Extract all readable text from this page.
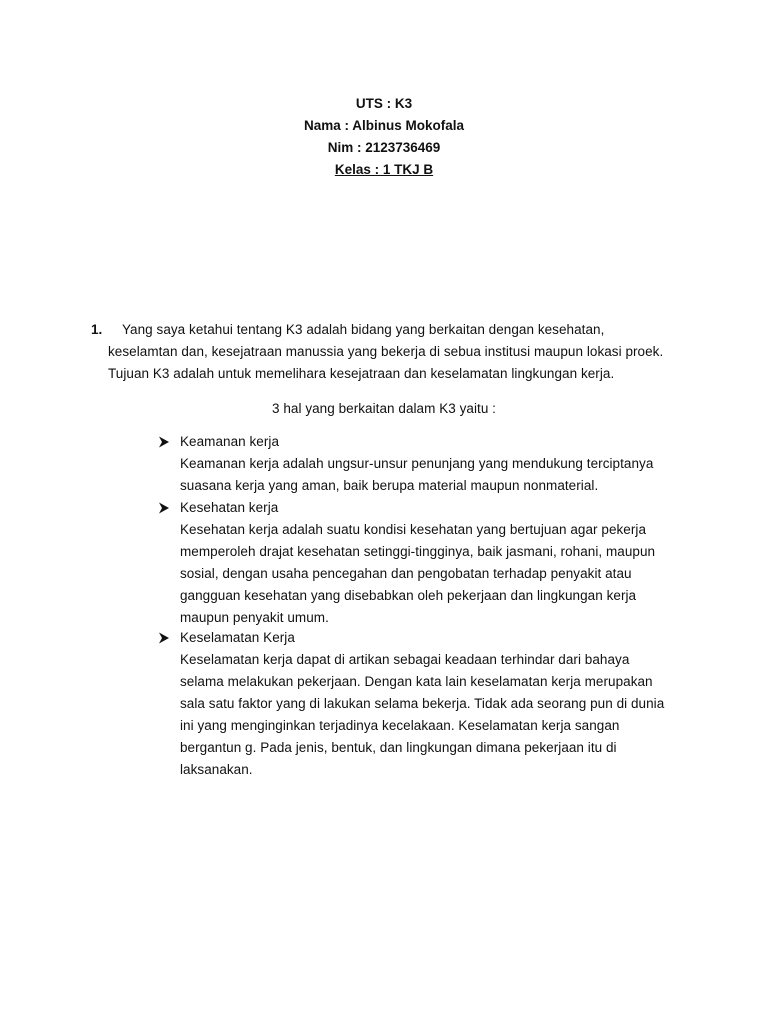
UTS : K3
Nama : Albinus Mokofala
Nim : 2123736469
Kelas : 1 TKJ B
1.	Yang saya ketahui tentang K3 adalah bidang yang berkaitan dengan kesehatan,
keselamtan dan, kesejatraan manussia yang bekerja di sebua institusi maupun lokasi proek.
Tujuan K3 adalah untuk memelihara kesejatraan dan keselamatan lingkungan kerja.
3 hal yang berkaitan dalam K3 yaitu :
Keamanan kerja
Keamanan kerja adalah ungsur-unsur penunjang yang mendukung terciptanya
suasana kerja yang aman, baik berupa material maupun nonmaterial.
Kesehatan kerja
Kesehatan kerja adalah suatu kondisi kesehatan yang bertujuan agar pekerja
memperoleh drajat kesehatan setinggi-tingginya, baik jasmani, rohani, maupun
sosial, dengan usaha pencegahan dan pengobatan terhadap penyakit atau
gangguan kesehatan yang disebabkan oleh pekerjaan dan lingkungan kerja
maupun penyakit umum.
Keselamatan Kerja
Keselamatan kerja dapat di artikan sebagai keadaan terhindar dari bahaya
selama melakukan pekerjaan. Dengan kata lain keselamatan kerja merupakan
sala satu faktor yang di lakukan selama bekerja. Tidak ada seorang pun di dunia
ini yang menginginkan terjadinya kecelakaan. Keselamatan kerja sangan
bergantun g. Pada jenis, bentuk, dan lingkungan dimana pekerjaan itu di
laksanakan.
